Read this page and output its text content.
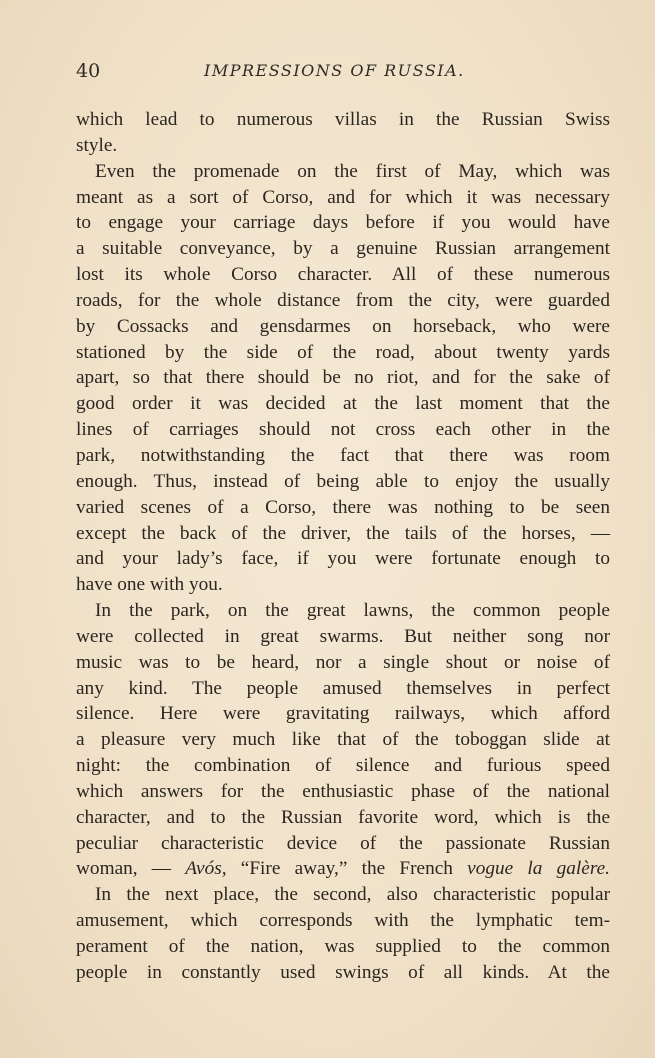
40	IMPRESSIONS OF RUSSIA.
which lead to numerous villas in the Russian Swiss
style.
Even the promenade on the first of May, which was
meant as a sort of Corso, and for which it was necessary
to engage your carriage days before if you would have
a suitable conveyance, by a genuine Russian arrangement
lost its whole Corso character. All of these numerous
roads, for the whole distance from the city, were guarded
by Cossacks and gensdarmes on horseback, who were
stationed by the side of the road, about twenty yards
apart, so that there should be no riot, and for the sake of
good order it was decided at the last moment that the
lines of carriages should not cross each other in the
park, notwithstanding the fact that there was room
enough. Thus, instead of being able to enjoy the usually
varied scenes of a Corso, there was nothing to be seen
except the back of the driver, the tails of the horses, —
and your lady’s face, if you were fortunate enough to
have one with you.
In the park, on the great lawns, the common people
were collected in great swarms. But neither song nor
music was to be heard, nor a single shout or noise of
any kind. The people amused themselves in perfect
silence. Here were gravitating railways, which afford
a pleasure very much like that of the toboggan slide at
night: the combination of silence and furious speed
which answers for the enthusiastic phase of the national
character, and to the Russian favorite word, which is the
peculiar characteristic device of the passionate Russian
woman, — Avós, “Fire away,” the French vogue la galère.
In the next place, the second, also characteristic popular
amusement, which corresponds with the lymphatic tem-
perament of the nation, was supplied to the common
people in constantly used swings of all kinds. At the
